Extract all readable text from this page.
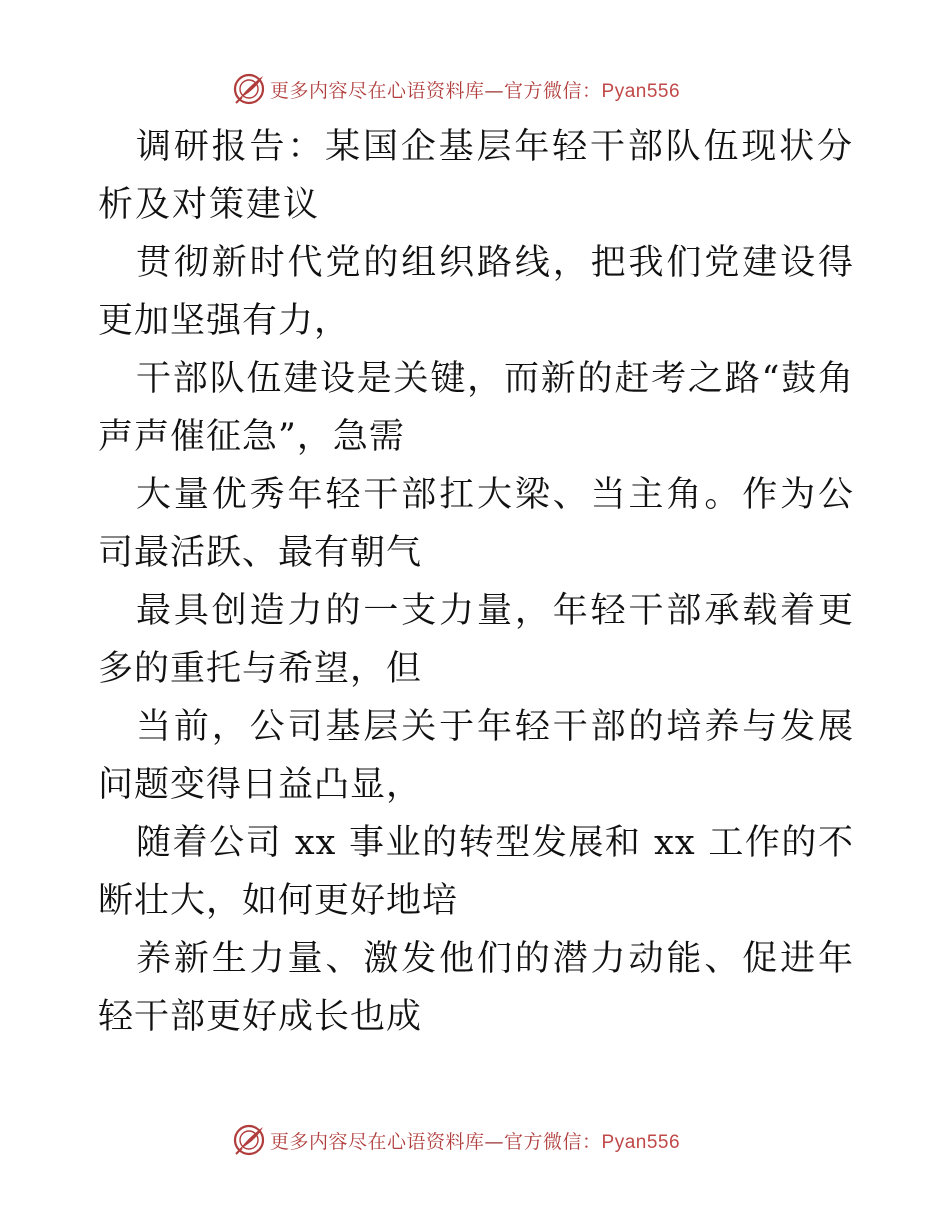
更多内容尽在心语资料库—官方微信：Pyan556

调研报告：某国企基层年轻干部队伍现状分析及对策建议

贯彻新时代党的组织路线，把我们党建设得更加坚强有力，

干部队伍建设是关键，而新的赶考之路“鼓角声声催征急”，急需

大量优秀年轻干部扛大梁、当主角。作为公司最活跃、最有朝气

最具创造力的一支力量，年轻干部承载着更多的重托与希望，但

当前，公司基层关于年轻干部的培养与发展问题变得日益凸显，

随着公司 xx 事业的转型发展和 xx 工作的不断壮大，如何更好地培

养新生力量、激发他们的潜力动能、促进年轻干部更好成长也成

更多内容尽在心语资料库—官方微信：Pyan556
